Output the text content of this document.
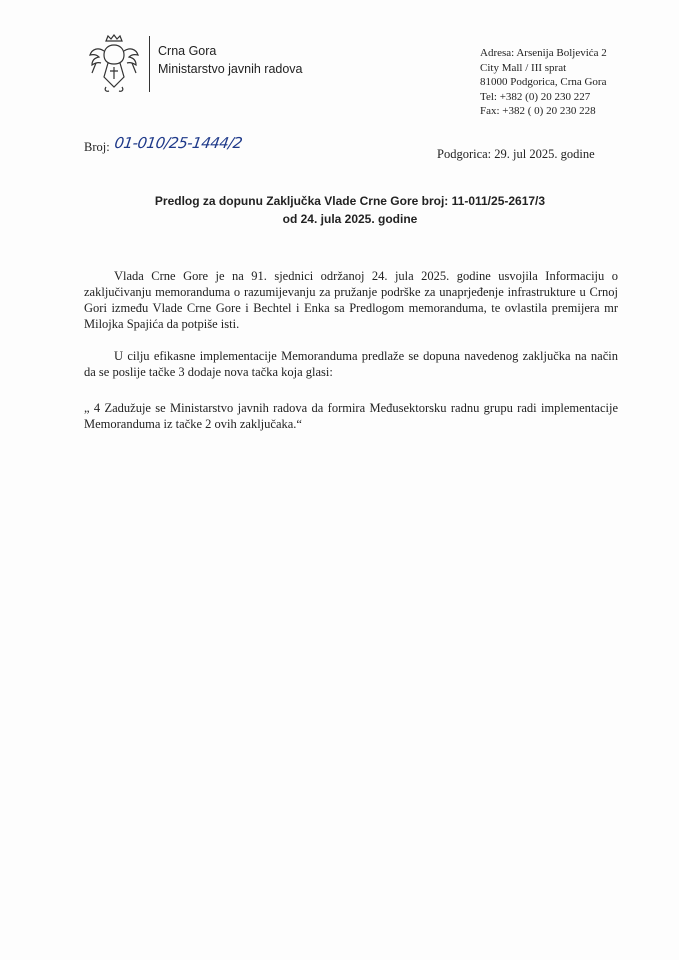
Crna Gora
Ministarstvo javnih radova
Adresa: Arsenija Boljevića 2
City Mall / III sprat
81000 Podgorica, Crna Gora
Tel: +382 (0) 20 230 227
Fax: +382 ( 0) 20 230 228
Broj: 01-010/25-1444/2
Podgorica: 29. jul 2025. godine
Predlog za dopunu Zaključka Vlade Crne Gore broj: 11-011/25-2617/3
od 24. jula 2025. godine
Vlada Crne Gore je na 91. sjednici održanoj 24. jula 2025. godine usvojila Informaciju o zaključivanju memoranduma o razumijevanju za pružanje podrške za unaprjeđenje infrastrukture u Crnoj Gori između Vlade Crne Gore i Bechtel i Enka sa Predlogom memoranduma, te ovlastila premijera mr Milojka Spajića da potpiše isti.
U cilju efikasne implementacije Memoranduma predlaže se dopuna navedenog zaključka na način da se poslije tačke 3 dodaje nova tačka koja glasi:
„ 4 Zadužuje se Ministarstvo javnih radova da formira Međusektorsku radnu grupu radi implementacije Memoranduma iz tačke 2 ovih zaključaka.“
